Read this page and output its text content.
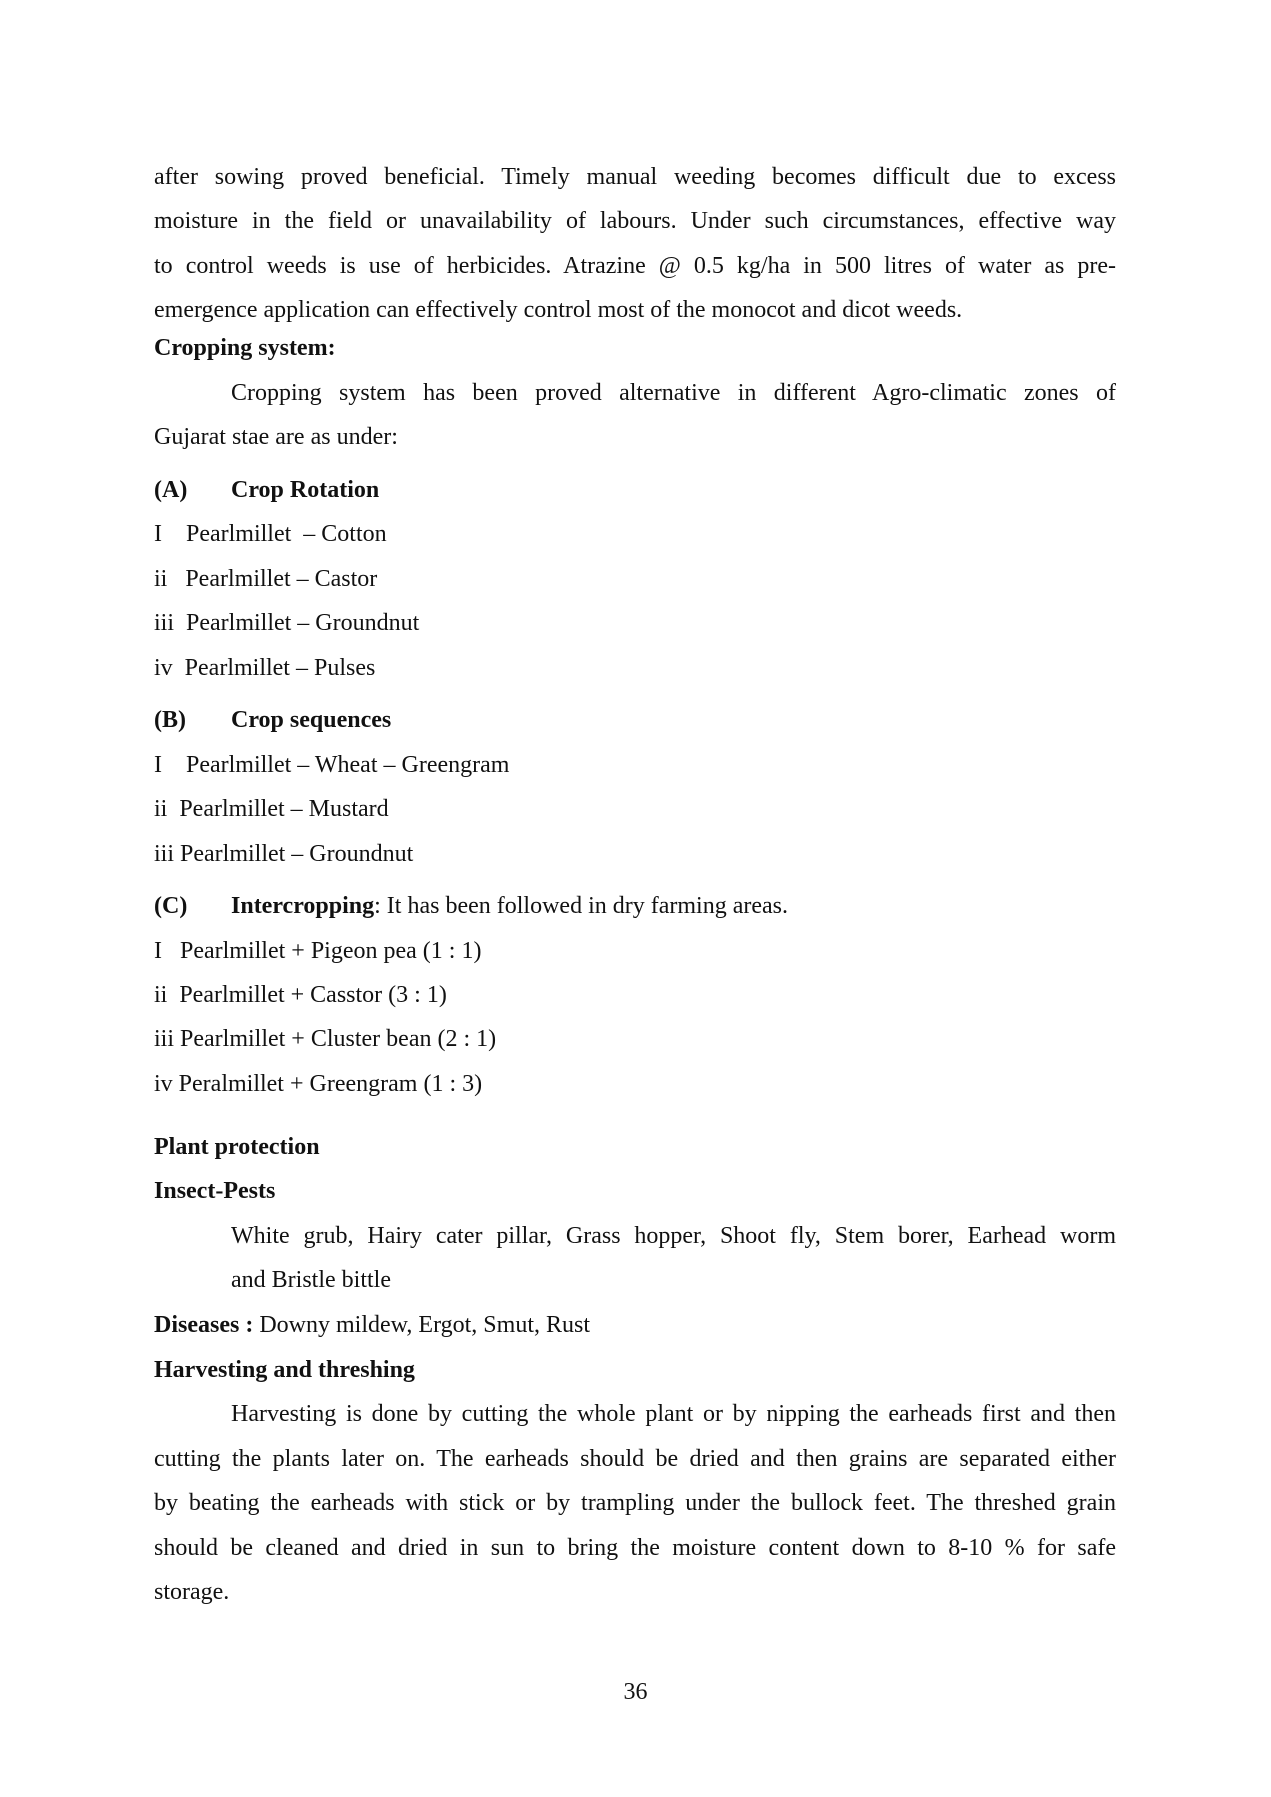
after sowing proved beneficial. Timely manual weeding becomes difficult due to excess
moisture in the field or unavailability of labours. Under such circumstances, effective way
to control weeds is use of herbicides. Atrazine @ 0.5 kg/ha in 500 litres of water as pre-
emergence application can effectively control most of the monocot and dicot weeds.
Cropping system:
Cropping system has been proved alternative in different Agro-climatic zones of
Gujarat stae are as under:
(A) Crop Rotation
I    Pearlmillet  – Cotton
ii   Pearlmillet – Castor
iii  Pearlmillet – Groundnut
iv  Pearlmillet – Pulses
(B) Crop sequences
I    Pearlmillet – Wheat – Greengram
ii  Pearlmillet – Mustard
iii Pearlmillet – Groundnut
(C) Intercropping: It has been followed in dry farming areas.
I   Pearlmillet + Pigeon pea (1 : 1)
ii  Pearlmillet + Casstor (3 : 1)
iii Pearlmillet + Cluster bean (2 : 1)
iv Peralmillet + Greengram (1 : 3)
Plant protection
Insect-Pests
White grub, Hairy cater pillar, Grass hopper, Shoot fly, Stem borer, Earhead worm
and Bristle bittle
Diseases : Downy mildew, Ergot, Smut, Rust
Harvesting and threshing
Harvesting is done by cutting the whole plant or by nipping the earheads first and then
cutting the plants later on. The earheads should be dried and then grains are separated either
by beating the earheads with stick or by trampling under the bullock feet. The threshed grain
should be cleaned and dried in sun to bring the moisture content down to 8-10 % for safe
storage.
36
